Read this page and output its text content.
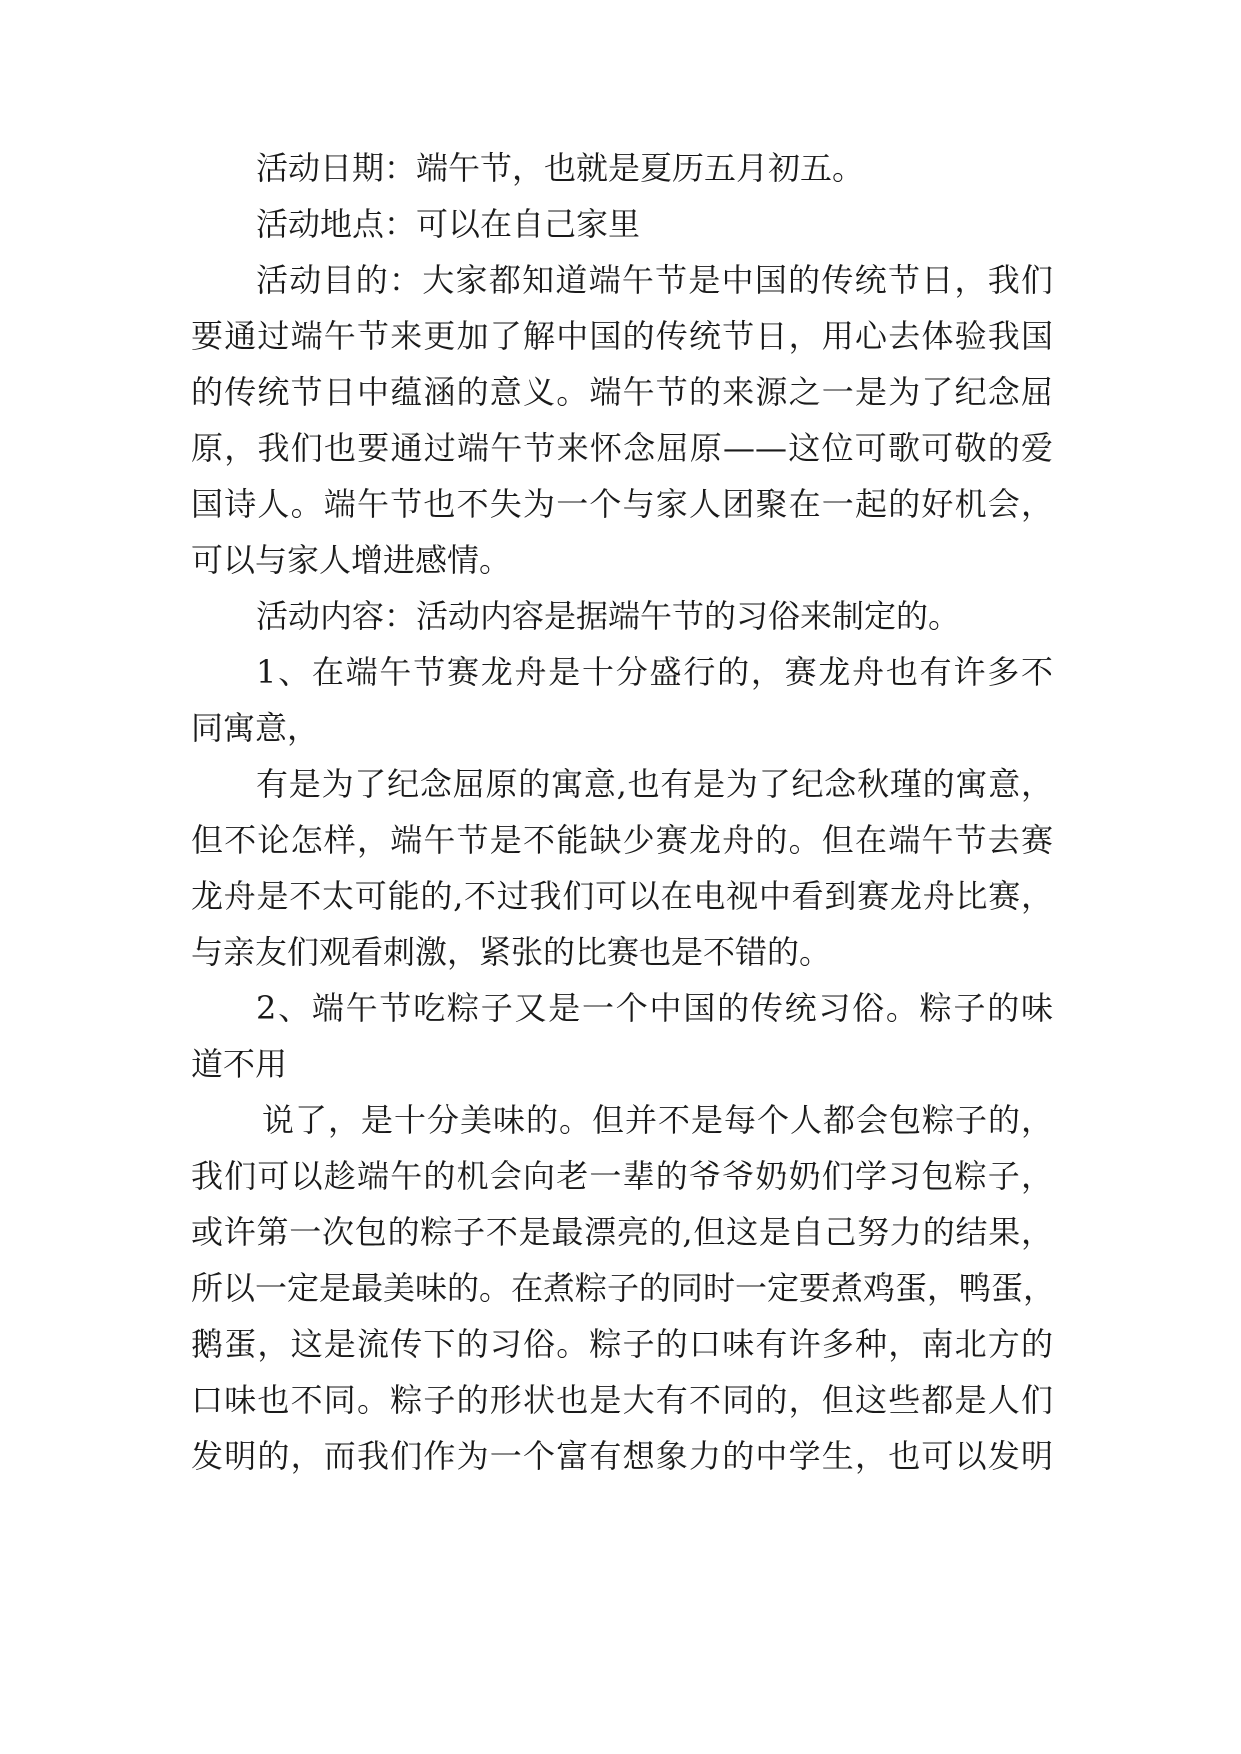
活动日期：端午节，也就是夏历五月初五。
活动地点：可以在自己家里
活动目的：大家都知道端午节是中国的传统节日，我们
要通过端午节来更加了解中国的传统节日，用心去体验我国
的传统节日中蕴涵的意义。端午节的来源之一是为了纪念屈
原，我们也要通过端午节来怀念屈原——这位可歌可敬的爱
国诗人。端午节也不失为一个与家人团聚在一起的好机会，
可以与家人增进感情。
活动内容：活动内容是据端午节的习俗来制定的。
1、在端午节赛龙舟是十分盛行的，赛龙舟也有许多不
同寓意，
有是为了纪念屈原的寓意,也有是为了纪念秋瑾的寓意，
但不论怎样，端午节是不能缺少赛龙舟的。但在端午节去赛
龙舟是不太可能的,不过我们可以在电视中看到赛龙舟比赛，
与亲友们观看刺激，紧张的比赛也是不错的。
2、端午节吃粽子又是一个中国的传统习俗。粽子的味
道不用
说了，是十分美味的。但并不是每个人都会包粽子的，
我们可以趁端午的机会向老一辈的爷爷奶奶们学习包粽子，
或许第一次包的粽子不是最漂亮的,但这是自己努力的结果，
所以一定是最美味的。在煮粽子的同时一定要煮鸡蛋，鸭蛋，
鹅蛋，这是流传下的习俗。粽子的口味有许多种，南北方的
口味也不同。粽子的形状也是大有不同的，但这些都是人们
发明的，而我们作为一个富有想象力的中学生，也可以发明
